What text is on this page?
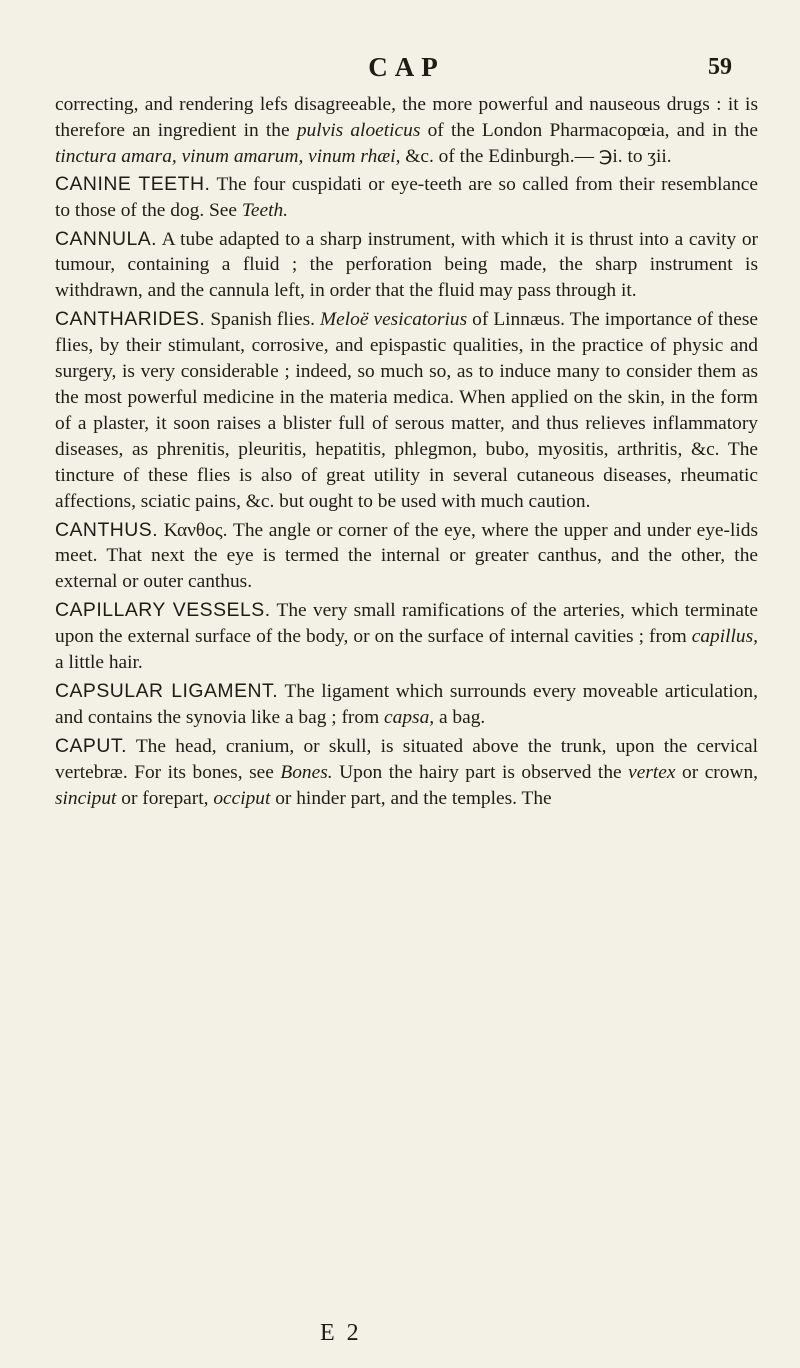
CAP	59

correcting, and rendering lefs disagreeable, the more powerful and nauseous drugs : it is therefore an ingredient in the pulvis aloeticus of the London Pharmacopœia, and in the tinctura amara, vinum amarum, vinum rhæi, &c. of the Edinburgh.— ℈i. to ʒii.

CANINE TEETH. The four cuspidati or eye-teeth are so called from their resemblance to those of the dog. See Teeth.

CANNULA. A tube adapted to a sharp instrument, with which it is thrust into a cavity or tumour, containing a fluid ; the perforation being made, the sharp instrument is withdrawn, and the cannula left, in order that the fluid may pass through it.

CANTHARIDES. Spanish flies. Meloë vesicatorius of Linnæus. The importance of these flies, by their stimulant, corrosive, and epispastic qualities, in the practice of physic and surgery, is very considerable ; indeed, so much so, as to induce many to consider them as the most powerful medicine in the materia medica. When applied on the skin, in the form of a plaster, it soon raises a blister full of serous matter, and thus relieves inflammatory diseases, as phrenitis, pleuritis, hepatitis, phlegmon, bubo, myositis, arthritis, &c. The tincture of these flies is also of great utility in several cutaneous diseases, rheumatic affections, sciatic pains, &c. but ought to be used with much caution.

CANTHUS. Κανθος. The angle or corner of the eye, where the upper and under eye-lids meet. That next the eye is termed the internal or greater canthus, and the other, the external or outer canthus.

CAPILLARY VESSELS. The very small ramifications of the arteries, which terminate upon the external surface of the body, or on the surface of internal cavities ; from capillus, a little hair.

CAPSULAR LIGAMENT. The ligament which surrounds every moveable articulation, and contains the synovia like a bag ; from capsa, a bag.

CAPUT. The head, cranium, or skull, is situated above the trunk, upon the cervical vertebræ. For its bones, see Bones. Upon the hairy part is observed the vertex or crown, sinciput or forepart, occiput or hinder part, and the temples. The

E 2
